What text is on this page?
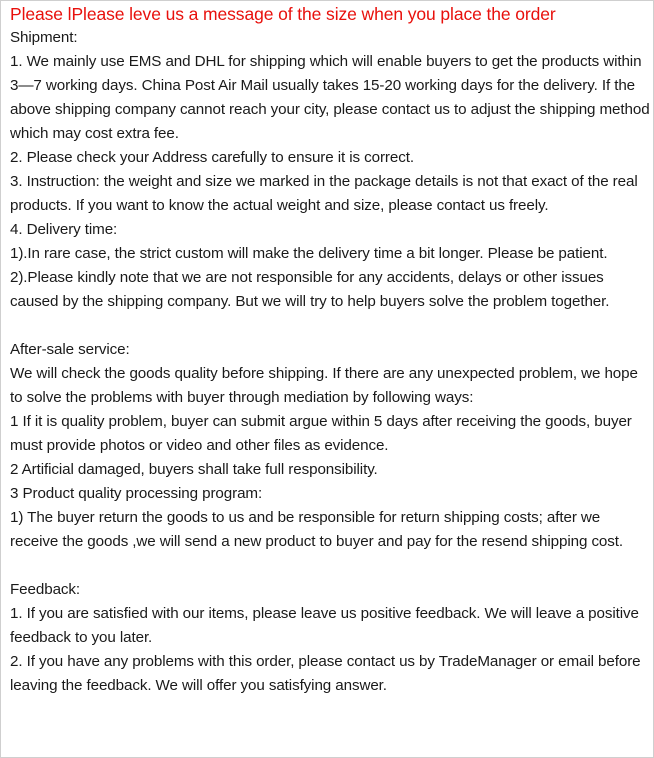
Please lPlease leve us a message of the size when you place the order

Shipment:

1. We mainly use EMS and DHL for shipping which will enable buyers to get the products within 3—7 working days. China Post Air Mail usually takes 15-20 working days for the delivery. If the above shipping company cannot reach your city, please contact us to adjust the shipping method which may cost extra fee.

2. Please check your Address carefully to ensure it is correct.

3. Instruction: the weight and size we marked in the package details is not that exact of the real products. If you want to know the actual weight and size, please contact us freely.

4. Delivery time:

1).In rare case, the strict custom will make the delivery time a bit longer. Please be patient.

2).Please kindly note that we are not responsible for any accidents, delays or other issues caused by the shipping company. But we will try to help buyers solve the problem together.

After-sale service:

We will check the goods quality before shipping. If there are any unexpected problem, we hope to solve the problems with buyer through mediation by following ways:

1 If it is quality problem, buyer can submit argue within 5 days after receiving the goods, buyer must provide photos or video and other files as evidence.

2 Artificial damaged, buyers shall take full responsibility.

3 Product quality processing program:

1) The buyer return the goods to us and be responsible for return shipping costs; after we receive the goods ,we will send a new product to buyer and pay for the resend shipping cost.

Feedback:

1. If you are satisfied with our items, please leave us positive feedback. We will leave a positive feedback to you later.

2. If you have any problems with this order, please contact us by TradeManager or email before leaving the feedback. We will offer you satisfying answer.
